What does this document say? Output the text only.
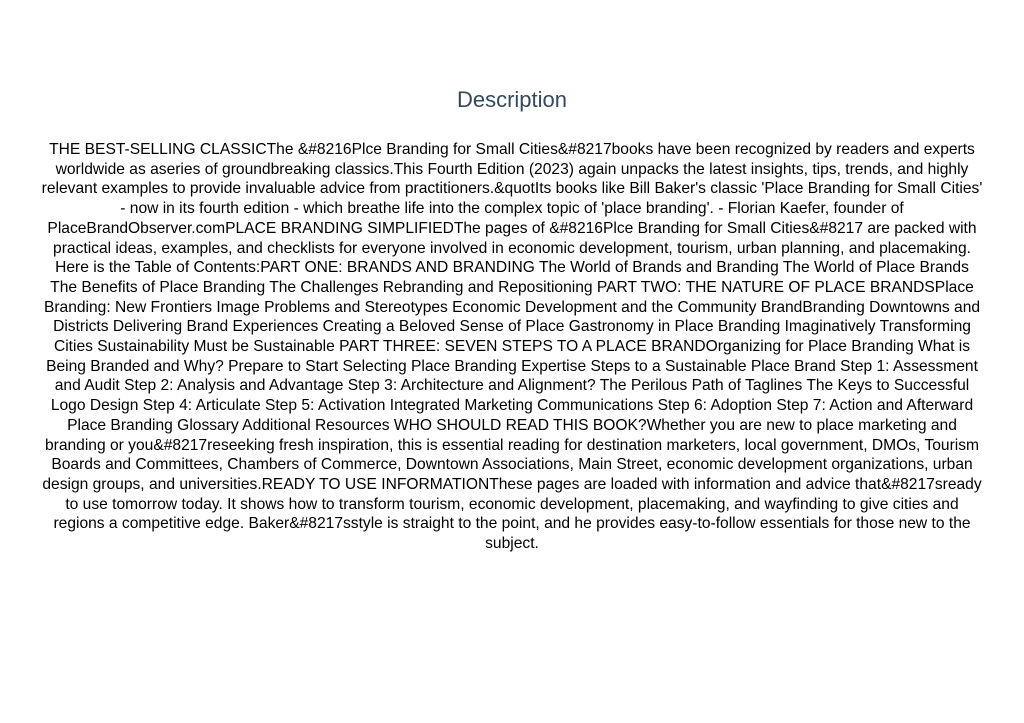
Description

THE BEST-SELLING CLASSICThe &#8216Plce Branding for Small Cities&#8217books have been recognized by readers and experts worldwide as aseries of groundbreaking classics.This Fourth Edition (2023) again unpacks the latest insights, tips, trends, and highly relevant examples to provide invaluable advice from practitioners.&quotIts books like Bill Baker's classic 'Place Branding for Small Cities' - now in its fourth edition - which breathe life into the complex topic of 'place branding'. - Florian Kaefer, founder of PlaceBrandObserver.comPLACE BRANDING SIMPLIFIEDThe pages of &#8216Plce Branding for Small Cities&#8217 are packed with practical ideas, examples, and checklists for everyone involved in economic development, tourism, urban planning, and placemaking. Here is the Table of Contents:PART ONE: BRANDS AND BRANDING The World of Brands and Branding The World of Place Brands The Benefits of Place Branding The Challenges Rebranding and Repositioning PART TWO: THE NATURE OF PLACE BRANDSPlace Branding: New Frontiers Image Problems and Stereotypes Economic Development and the Community BrandBranding Downtowns and Districts Delivering Brand Experiences Creating a Beloved Sense of Place Gastronomy in Place Branding Imaginatively Transforming Cities Sustainability Must be Sustainable PART THREE: SEVEN STEPS TO A PLACE BRANDOrganizing for Place Branding What is Being Branded and Why? Prepare to Start Selecting Place Branding Expertise Steps to a Sustainable Place Brand Step 1: Assessment and Audit Step 2: Analysis and Advantage Step 3: Architecture and Alignment? The Perilous Path of Taglines The Keys to Successful Logo Design Step 4: Articulate Step 5: Activation Integrated Marketing Communications Step 6: Adoption Step 7: Action and Afterward Place Branding Glossary Additional Resources WHO SHOULD READ THIS BOOK?Whether you are new to place marketing and branding or you&#8217reseeking fresh inspiration, this is essential reading for destination marketers, local government, DMOs, Tourism Boards and Committees, Chambers of Commerce, Downtown Associations, Main Street, economic development organizations, urban design groups, and universities.READY TO USE INFORMATIONThese pages are loaded with information and advice that&#8217sready to use tomorrow today. It shows how to transform tourism, economic development, placemaking, and wayfinding to give cities and regions a competitive edge. Baker&#8217sstyle is straight to the point, and he provides easy-to-follow essentials for those new to the subject.
